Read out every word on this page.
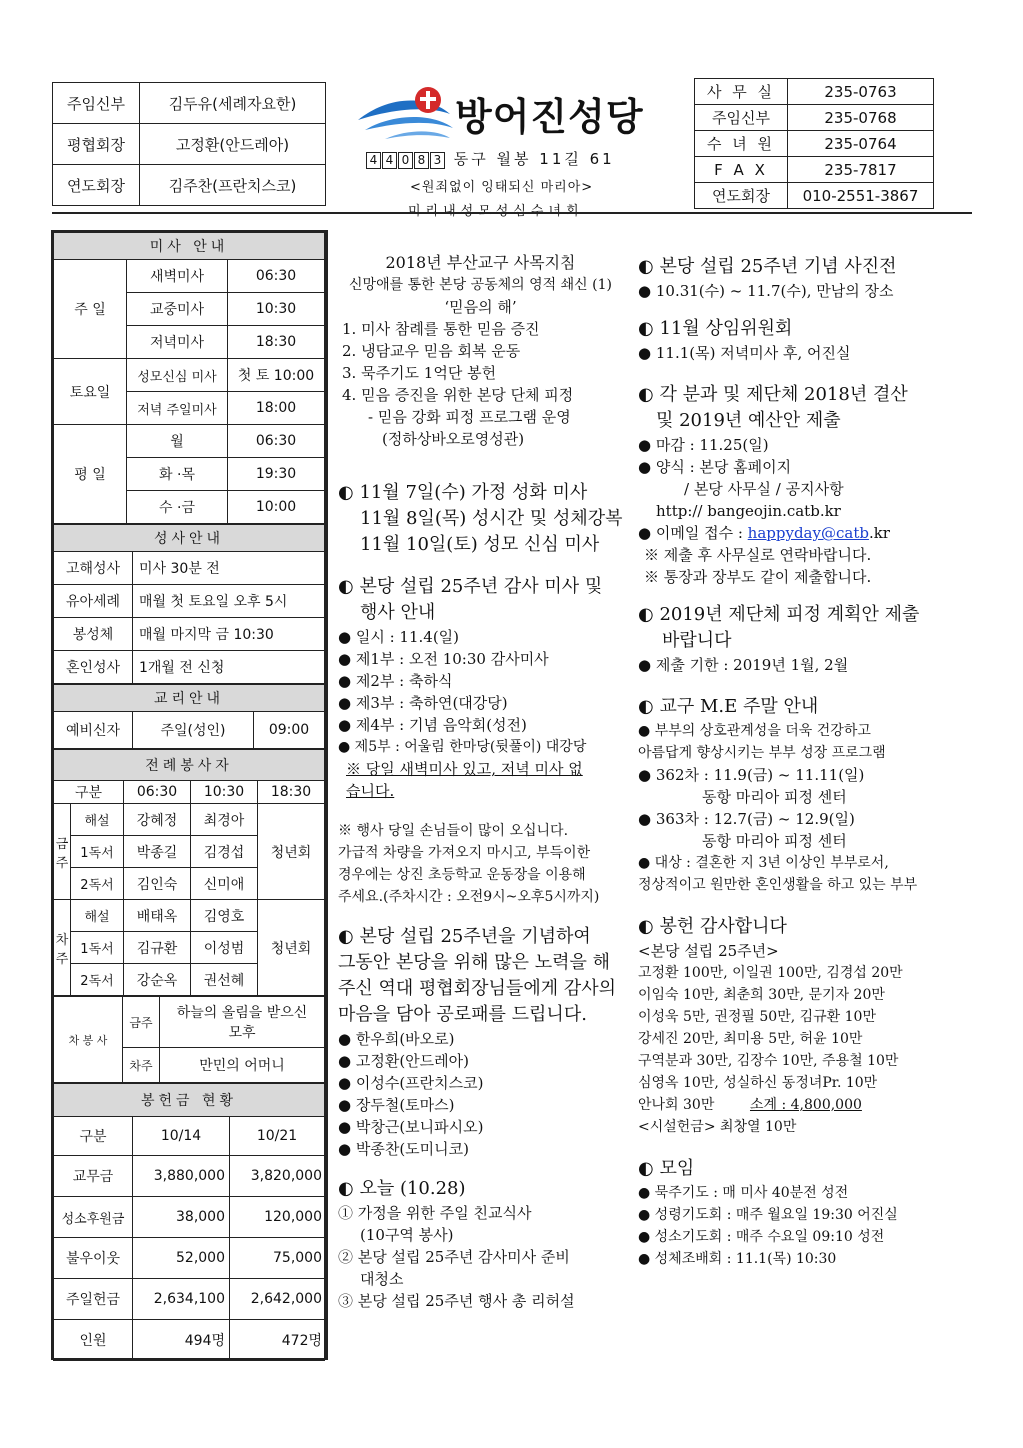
주임신부	김두유(세례자요한)
평협회장	고정환(안드레아)
연도회장	김주찬(프란치스코)
방어진성당
4 4 0 8 3 동구 월봉 11길 61
<원죄없이 잉태되신 마리아>
사 무 실	235-0763
주임신부	235-0768
수 녀 원	235-0764
F A X	235-7817
연도회장	010-2551-3867
미사 안내		
주 일	새벽미사	06:30
	교중미사	10:30
	저녁미사	18:30
토요일	성모신심 미사	첫 토 10:00
	저녁 주일미사	18:00
평 일	월	06:30
	화 ·목	19:30
	수 ·금	10:00
성사안내	
고해성사	미사 30분 전
유아세례	매월 첫 토요일 오후 5시
봉성체	매월 마지막 금 10:30
혼인성사	1개월 전 신청
교리안내
예비신자	주일(성인)	09:00
전례봉사자				
구분		06:30	10:30	18:30
금 주	해설	강혜정	최경아	청년회
	1독서	박종길	김경섭	
	2독서	김인숙	신미애	
차 주	해설	배태옥	김영호	청년회
	1독서	김규환	이성범	
	2독서	강순옥	권선혜	
차 봉 사	금주	하늘의 올림을 받으신 모후
	차주	만민의 어머니
봉헌금 현황		
구분	10/14	10/21
교무금	3,880,000	3,820,000
성소후원금	38,000	120,000
불우이웃	52,000	75,000
주일헌금	2,634,100	2,642,000
인원	494명	472명

2018년 부산교구 사목지침

신망애를 통한 본당 공동체의 영적 쇄신 (1)

‘믿음의 해’

1. 미사 참례를 통한 믿음 증진

2. 냉담교우 믿음 회복 운동

3. 묵주기도 1억단 봉헌

4. 믿음 증진을 위한 본당 단체 피정

- 믿음 강화 피정 프로그램 운영

(정하상바오로영성관)

◐ 11월 7일(수) 가정 성화 미사

11월 8일(목) 성시간 및 성체강복

11월 10일(토) 성모 신심 미사

◐ 본당 설립 25주년 감사 미사 및

행사 안내

● 일시 : 11.4(일)

● 제1부 : 오전 10:30 감사미사

● 제2부 : 축하식

● 제3부 : 축하연(대강당)

● 제4부 : 기념 음악회(성전)

● 제5부 : 어울림 한마당(뒷풀이) 대강당

※ 당일 새벽미사 있고, 저녁 미사 없

습니다.

※ 행사 당일 손님들이 많이 오십니다.

가급적 차량을 가져오지 마시고, 부득이한

경우에는 상진 초등학교 운동장을 이용해

주세요.(주차시간 : 오전9시~오후5시까지)

◐ 본당 설립 25주년을 기념하여

그동안 본당을 위해 많은 노력을 해

주신 역대 평협회장님들에게 감사의

마음을 담아 공로패를 드립니다.

● 한우희(바오로)

● 고정환(안드레아)

● 이성수(프란치스코)

● 장두철(토마스)

● 박창근(보니파시오)

● 박종찬(도미니코)

◐ 오늘 (10.28)

① 가정을 위한 주일 친교식사

(10구역 봉사)

② 본당 설립 25주년 감사미사 준비

대청소

③ 본당 설립 25주년 행사 총 리허설

◐ 본당 설립 25주년 기념 사진전

● 10.31(수) ~ 11.7(수), 만남의 장소

◐ 11월 상임위원회

● 11.1(목) 저녁미사 후, 어진실

◐ 각 분과 및 제단체 2018년 결산

및 2019년 예산안 제출

● 마감 : 11.25(일)

● 양식 : 본당 홈페이지

/ 본당 사무실 / 공지사항

http:// bangeojin.catb.kr

● 이메일 접수 : happyday@catb.kr

※ 제출 후 사무실로 연락바랍니다.

※ 통장과 장부도 같이 제출합니다.

◐ 2019년 제단체 피정 계획안 제출

바랍니다

● 제출 기한 : 2019년 1월, 2월

◐ 교구 M.E 주말 안내

● 부부의 상호관계성을 더욱 건강하고

아름답게 향상시키는 부부 성장 프로그램

● 362차 : 11.9(금) ~ 11.11(일)

동항 마리아 피정 센터

● 363차 : 12.7(금) ~ 12.9(일)

동항 마리아 피정 센터

● 대상 : 결혼한 지 3년 이상인 부부로서,

정상적이고 원만한 혼인생활을 하고 있는 부부

◐ 봉헌 감사합니다

<본당 설립 25주년>

고정환 100만, 이일권 100만, 김경섭 20만

이임숙 10만, 최춘희 30만, 문기자 20만

이성욱 5만, 권정필 50만, 김규환 10만

강세진 20만, 최미용 5만, 허윤 10만

구역분과 30만, 김장수 10만, 주용철 10만

심영옥 10만, 성실하신 동정녀Pr. 10만

안나회 30만	소계 : 4,800,000

<시설헌금> 최창열 10만

◐ 모임

● 묵주기도 : 매 미사 40분전 성전

● 성령기도회 : 매주 월요일 19:30 어진실

● 성소기도회 : 매주 수요일 09:10 성전

● 성체조배회 : 11.1(목) 10:30
